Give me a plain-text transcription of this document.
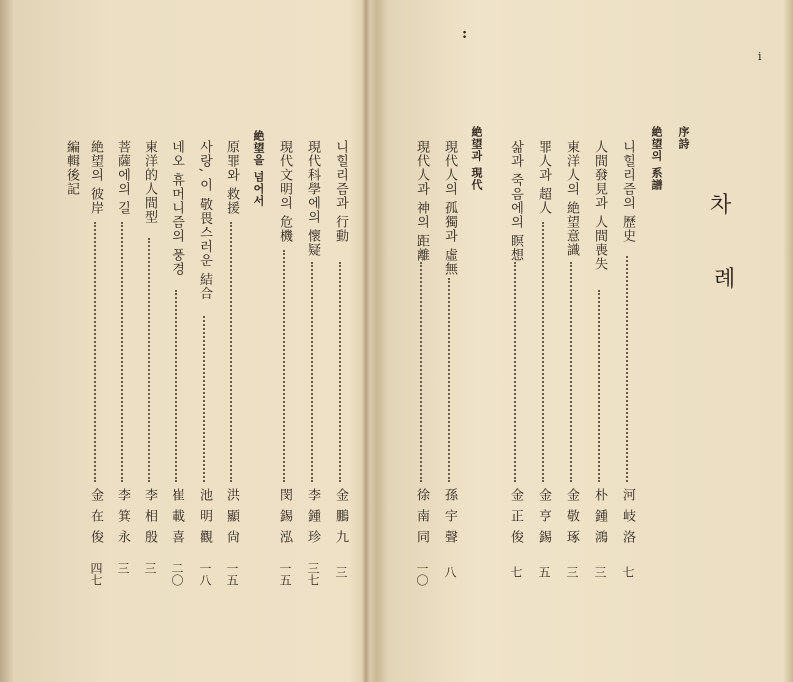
:
i
차
례
序詩
絶望의 系譜
絶望과 現代
絶望을 넘어서	니힐리즘의 歷史
河岐洛
七
人間發見과 人間喪失
朴鍾鴻
三
東洋人의 絶望意識
金敬琢
三
罪人과 超人
金亨錫
五
삶과 죽음에의 瞑想
金正俊
七
現代人의 孤獨과 虛無
孫宇聲
八
現代人과 神의 距離
徐南同
一〇
니힐리즘과 行動
金鵬九
三
現代科學에의 懷疑
李鍾珍
三七
現代文明의 危機
閔錫泓
一五
原罪와 救援
洪顯尙
一五
사랑, 이 敬畏스러운 結合
池明觀
一八
네오 휴머니즘의 풍경
崔載喜
二〇
東洋的人間型
李相殷
三
菩薩에의 길
李箕永
三
絶望의 彼岸
金在俊
四七
編輯後記
